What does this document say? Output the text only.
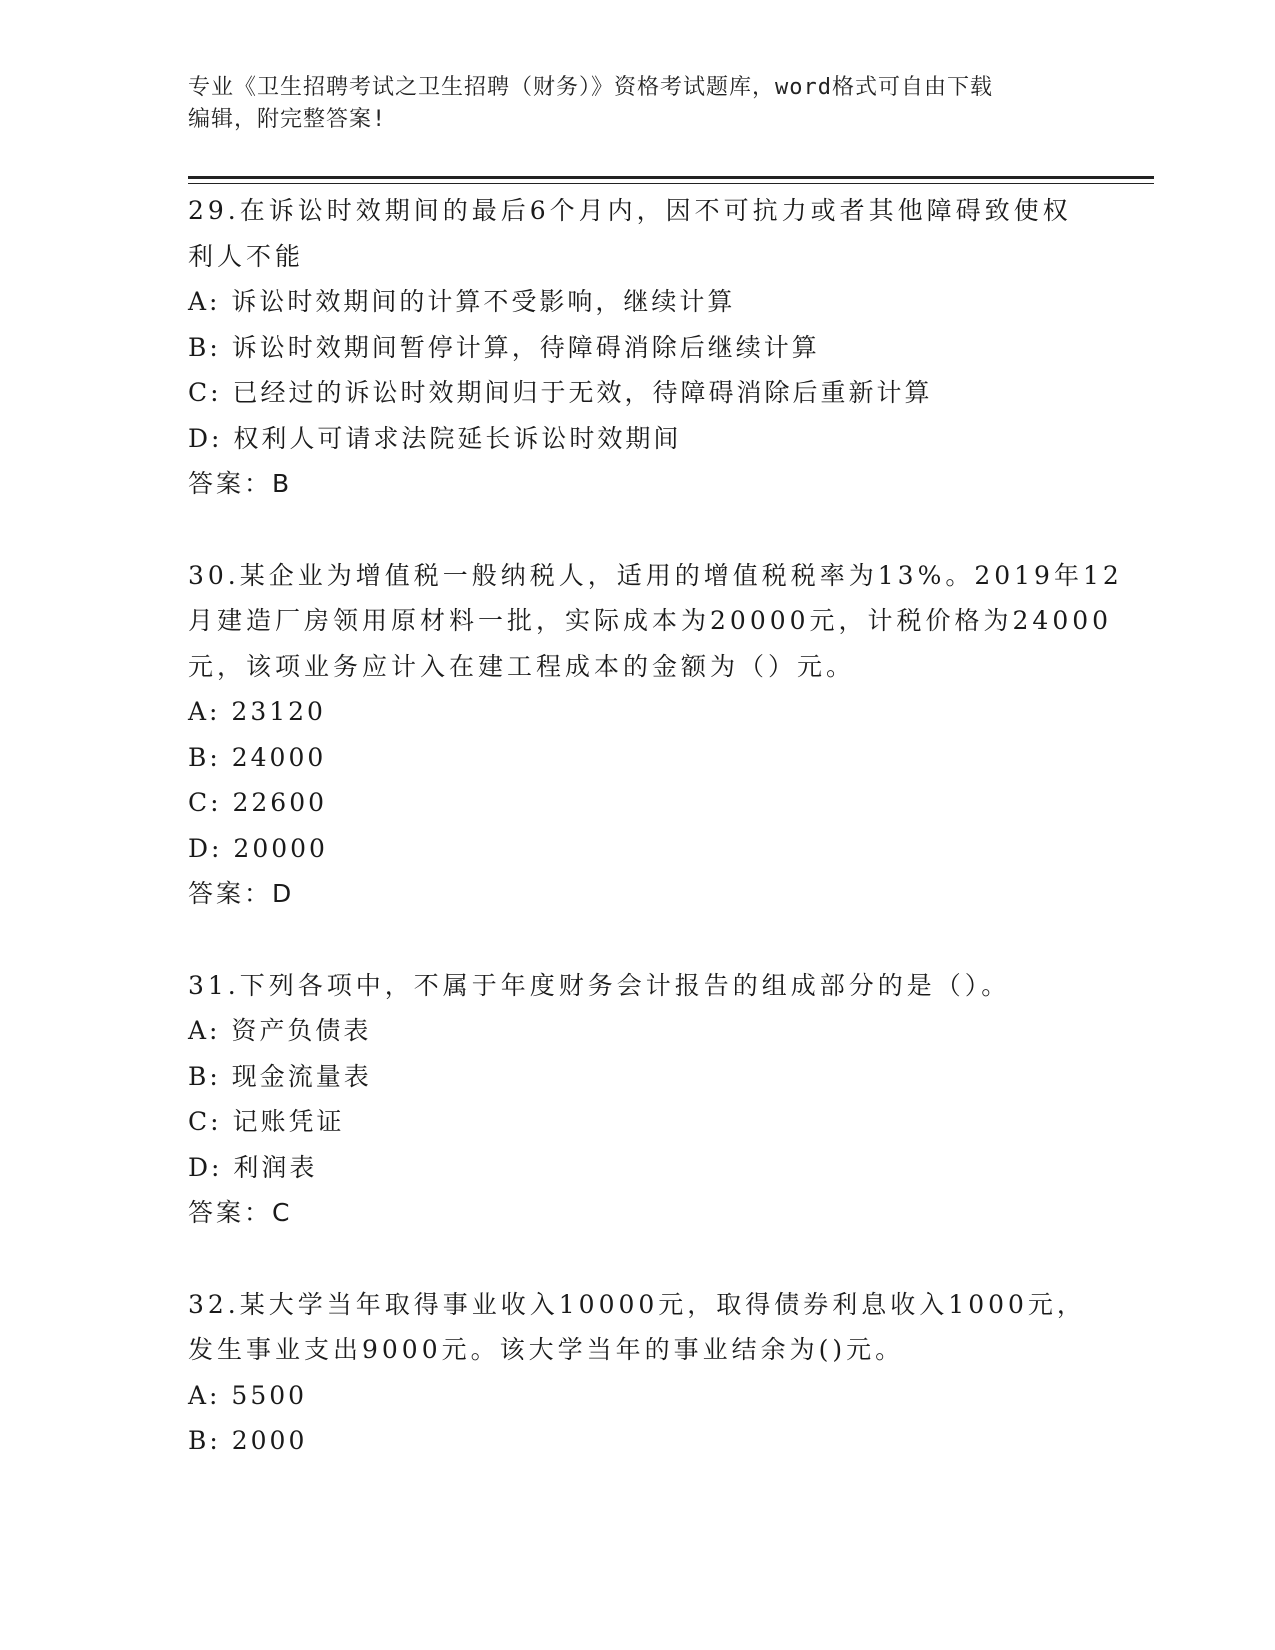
专业《卫生招聘考试之卫生招聘（财务）》资格考试题库，word格式可自由下载
编辑，附完整答案!
29.在诉讼时效期间的最后6个月内，因不可抗力或者其他障碍致使权
利人不能
A: 诉讼时效期间的计算不受影响，继续计算
B: 诉讼时效期间暂停计算，待障碍消除后继续计算
C: 已经过的诉讼时效期间归于无效，待障碍消除后重新计算
D: 权利人可请求法院延长诉讼时效期间
答案：B
30.某企业为增值税一般纳税人，适用的增值税税率为13%。2019年12
月建造厂房领用原材料一批，实际成本为20000元，计税价格为24000
元，该项业务应计入在建工程成本的金额为（）元。
A: 23120
B: 24000
C: 22600
D: 20000
答案：D
31.下列各项中，不属于年度财务会计报告的组成部分的是（）。
A: 资产负债表
B: 现金流量表
C: 记账凭证
D: 利润表
答案：C
32.某大学当年取得事业收入10000元，取得债券利息收入1000元，
发生事业支出9000元。该大学当年的事业结余为()元。
A: 5500
B: 2000
